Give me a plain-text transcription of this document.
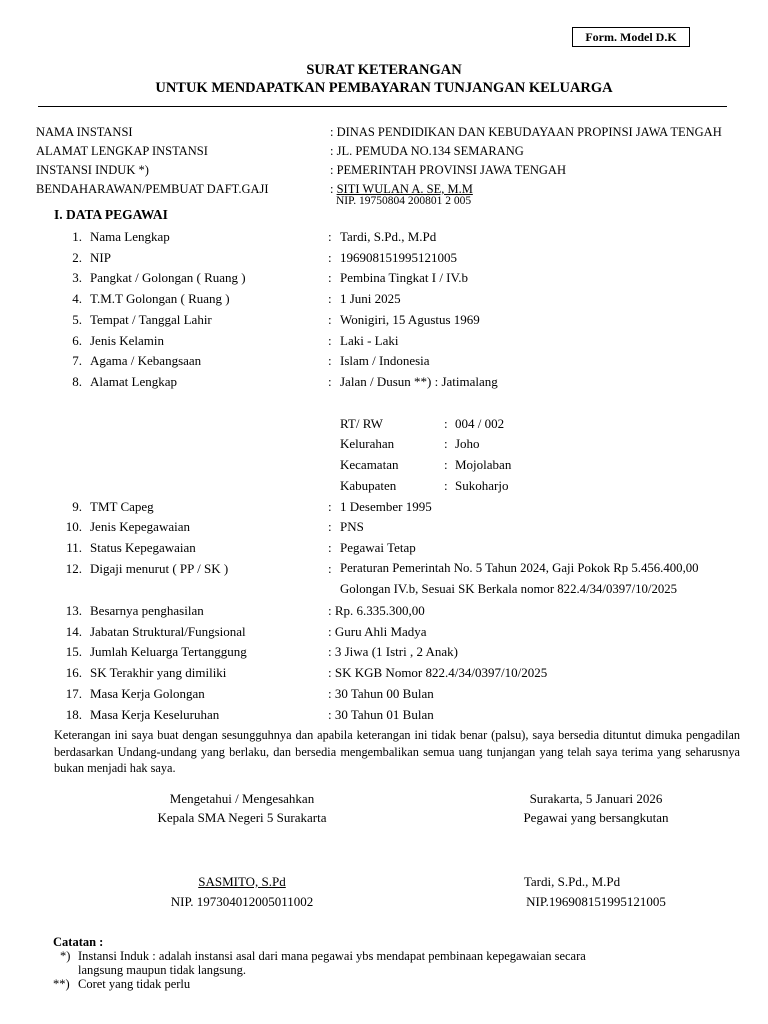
Form. Model D.K
SURAT KETERANGAN
UNTUK MENDAPATKAN PEMBAYARAN TUNJANGAN KELUARGA
NAMA INSTANSI	: DINAS PENDIDIKAN DAN KEBUDAYAAN PROPINSI JAWA TENGAH
ALAMAT LENGKAP INSTANSI	: JL. PEMUDA NO.134 SEMARANG
INSTANSI INDUK *)	: PEMERINTAH PROVINSI JAWA TENGAH
BENDAHARAWAN/PEMBUAT DAFT.GAJI	: SITI WULAN A. SE, M.M
NIP. 19750804 200801 2 005
I. DATA PEGAWAI
1. Nama Lengkap	: Tardi, S.Pd., M.Pd
2. NIP	: 196908151995121005
3. Pangkat / Golongan ( Ruang )	: Pembina Tingkat I / IV.b
4. T.M.T Golongan ( Ruang )	: 1 Juni 2025
5. Tempat / Tanggal Lahir	: Wonigiri, 15 Agustus 1969
6. Jenis Kelamin	: Laki - Laki
7. Agama / Kebangsaan	: Islam / Indonesia
8. Alamat Lengkap	: Jalan / Dusun **) : Jatimalang
RT/ RW	: 004 / 002
Kelurahan	: Joho
Kecamatan	: Mojolaban
Kabupaten	: Sukoharjo
9. TMT Capeg	: 1 Desember 1995
10. Jenis Kepegawaian	: PNS
11. Status Kepegawaian	: Pegawai Tetap
12. Digaji menurut ( PP / SK )	: Peraturan Pemerintah No. 5 Tahun 2024, Gaji Pokok Rp 5.456.400,00
Golongan IV.b, Sesuai SK Berkala nomor 822.4/34/0397/10/2025
13. Besarnya penghasilan	: Rp. 6.335.300,00
14. Jabatan Struktural/Fungsional	: Guru Ahli Madya
15. Jumlah Keluarga Tertanggung	: 3 Jiwa (1 Istri , 2 Anak)
16. SK Terakhir yang dimiliki	: SK KGB Nomor 822.4/34/0397/10/2025
17. Masa Kerja Golongan	: 30 Tahun 00 Bulan
18. Masa Kerja Keseluruhan	: 30 Tahun 01 Bulan
Keterangan ini saya buat dengan sesungguhnya dan apabila keterangan ini tidak benar (palsu), saya bersedia dituntut dimuka pengadilan berdasarkan Undang-undang yang berlaku, dan bersedia mengembalikan semua uang tunjangan yang telah saya terima yang seharusnya bukan menjadi hak saya.
Mengetahui / Mengesahkan
Kepala SMA Negeri 5 Surakarta
SASMITO, S.Pd
NIP. 197304012005011002
Surakarta, 5 Januari 2026
Pegawai yang bersangkutan
Tardi, S.Pd., M.Pd
NIP.196908151995121005
Catatan :
*) Instansi Induk : adalah instansi asal dari mana pegawai ybs mendapat pembinaan kepegawaian secara
langsung maupun tidak langsung.
**) Coret yang tidak perlu
